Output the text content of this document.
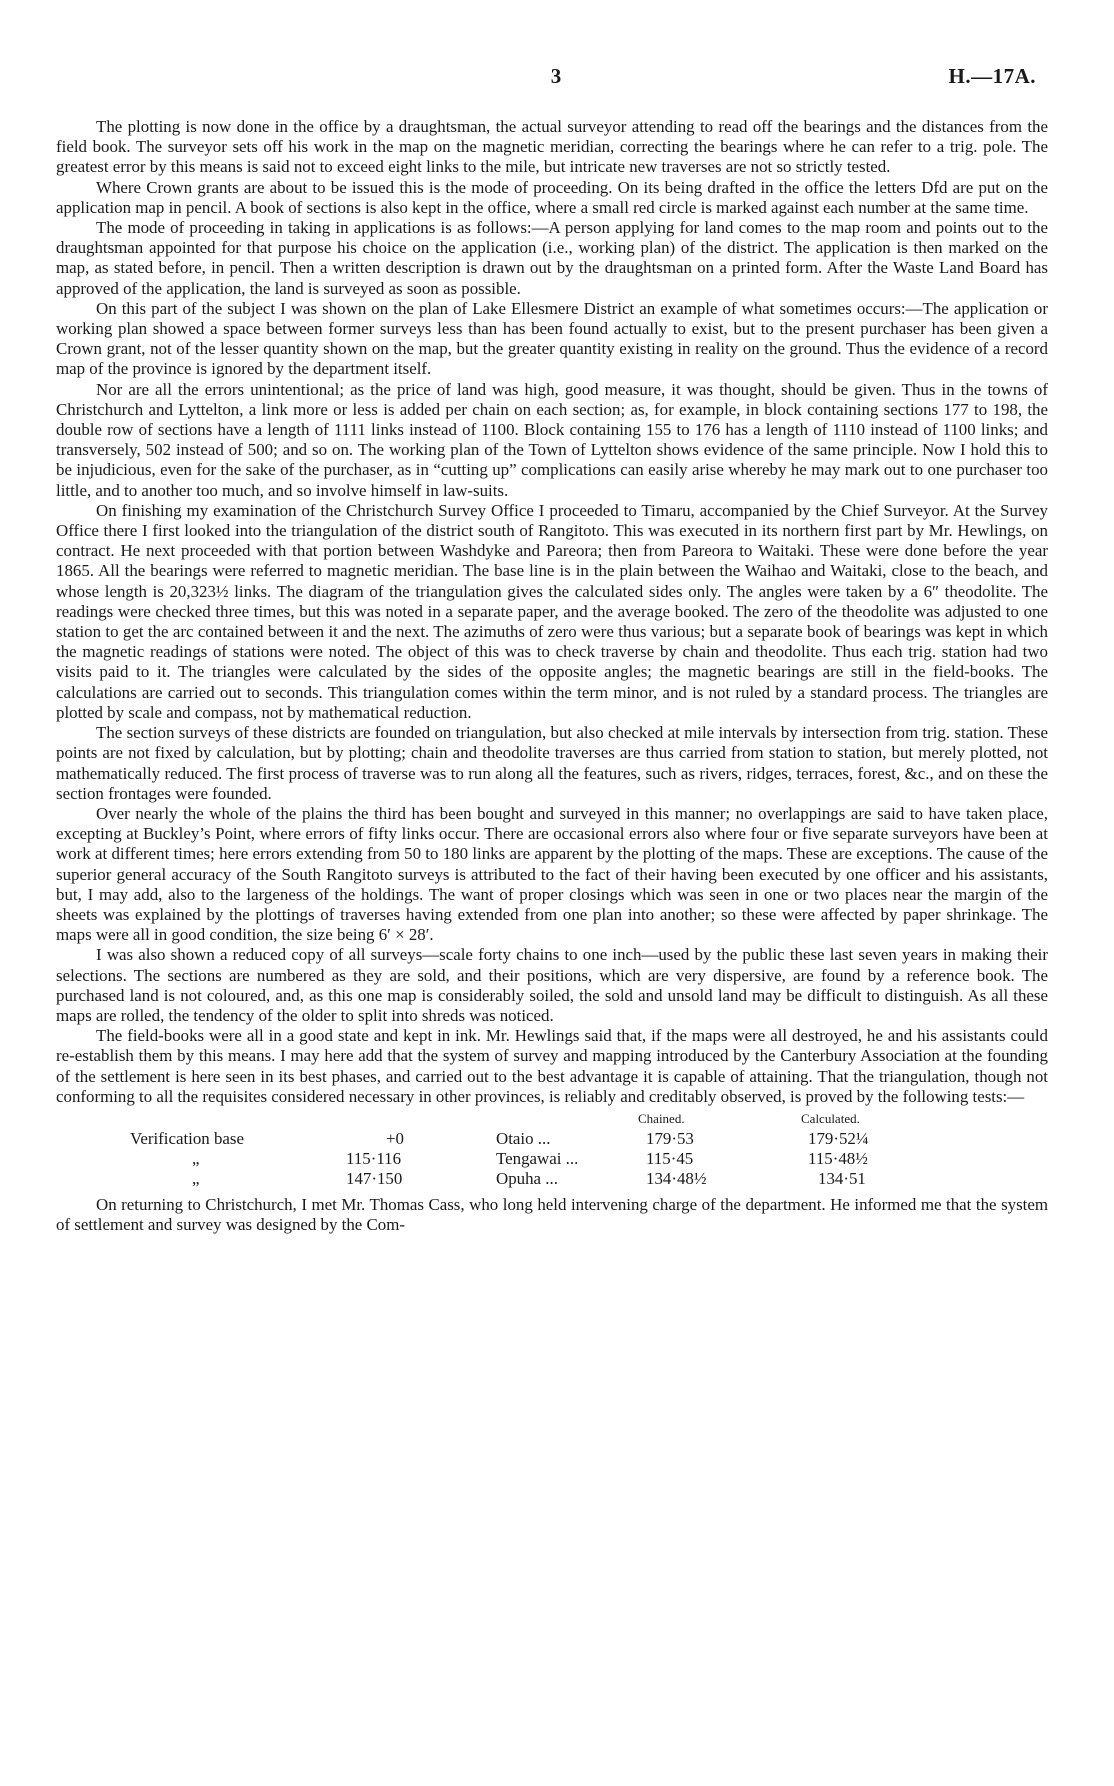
3	H.—17A.

The plotting is now done in the office by a draughtsman, the actual surveyor attending to read off the bearings and the distances from the field book. The surveyor sets off his work in the map on the magnetic meridian, correcting the bearings where he can refer to a trig. pole. The greatest error by this means is said not to exceed eight links to the mile, but intricate new traverses are not so strictly tested.

Where Crown grants are about to be issued this is the mode of proceeding. On its being drafted in the office the letters Dfd are put on the application map in pencil. A book of sections is also kept in the office, where a small red circle is marked against each number at the same time.

The mode of proceeding in taking in applications is as follows:—A person applying for land comes to the map room and points out to the draughtsman appointed for that purpose his choice on the application (i.e., working plan) of the district. The application is then marked on the map, as stated before, in pencil. Then a written description is drawn out by the draughtsman on a printed form. After the Waste Land Board has approved of the application, the land is surveyed as soon as possible.

On this part of the subject I was shown on the plan of Lake Ellesmere District an example of what sometimes occurs:—The application or working plan showed a space between former surveys less than has been found actually to exist, but to the present purchaser has been given a Crown grant, not of the lesser quantity shown on the map, but the greater quantity existing in reality on the ground. Thus the evidence of a record map of the province is ignored by the department itself.

Nor are all the errors unintentional; as the price of land was high, good measure, it was thought, should be given. Thus in the towns of Christchurch and Lyttelton, a link more or less is added per chain on each section; as, for example, in block containing sections 177 to 198, the double row of sections have a length of 1111 links instead of 1100. Block containing 155 to 176 has a length of 1110 instead of 1100 links; and transversely, 502 instead of 500; and so on. The working plan of the Town of Lyttelton shows evidence of the same principle. Now I hold this to be injudicious, even for the sake of the purchaser, as in “cutting up” complications can easily arise whereby he may mark out to one purchaser too little, and to another too much, and so involve himself in law-suits.

On finishing my examination of the Christchurch Survey Office I proceeded to Timaru, accompanied by the Chief Surveyor. At the Survey Office there I first looked into the triangulation of the district south of Rangitoto. This was executed in its northern first part by Mr. Hewlings, on contract. He next proceeded with that portion between Washdyke and Pareora; then from Pareora to Waitaki. These were done before the year 1865. All the bearings were referred to magnetic meridian. The base line is in the plain between the Waihao and Waitaki, close to the beach, and whose length is 20,323½ links. The diagram of the triangulation gives the calculated sides only. The angles were taken by a 6″ theodolite. The readings were checked three times, but this was noted in a separate paper, and the average booked. The zero of the theodolite was adjusted to one station to get the arc contained between it and the next. The azimuths of zero were thus various; but a separate book of bearings was kept in which the magnetic readings of stations were noted. The object of this was to check traverse by chain and theodolite. Thus each trig. station had two visits paid to it. The triangles were calculated by the sides of the opposite angles; the magnetic bearings are still in the field-books. The calculations are carried out to seconds. This triangulation comes within the term minor, and is not ruled by a standard process. The triangles are plotted by scale and compass, not by mathematical reduction.

The section surveys of these districts are founded on triangulation, but also checked at mile intervals by intersection from trig. station. These points are not fixed by calculation, but by plotting; chain and theodolite traverses are thus carried from station to station, but merely plotted, not mathematically reduced. The first process of traverse was to run along all the features, such as rivers, ridges, terraces, forest, &c., and on these the section frontages were founded.

Over nearly the whole of the plains the third has been bought and surveyed in this manner; no overlappings are said to have taken place, excepting at Buckley’s Point, where errors of fifty links occur. There are occasional errors also where four or five separate surveyors have been at work at different times; here errors extending from 50 to 180 links are apparent by the plotting of the maps. These are exceptions. The cause of the superior general accuracy of the South Rangitoto surveys is attributed to the fact of their having been executed by one officer and his assistants, but, I may add, also to the largeness of the holdings. The want of proper closings which was seen in one or two places near the margin of the sheets was explained by the plottings of traverses having extended from one plan into another; so these were affected by paper shrinkage. The maps were all in good condition, the size being 6′ × 28′.

I was also shown a reduced copy of all surveys—scale forty chains to one inch—used by the public these last seven years in making their selections. The sections are numbered as they are sold, and their positions, which are very dispersive, are found by a reference book. The purchased land is not coloured, and, as this one map is considerably soiled, the sold and unsold land may be difficult to distinguish. As all these maps are rolled, the tendency of the older to split into shreds was noticed.

The field-books were all in a good state and kept in ink. Mr. Hewlings said that, if the maps were all destroyed, he and his assistants could re-establish them by this means. I may here add that the system of survey and mapping introduced by the Canterbury Association at the founding of the settlement is here seen in its best phases, and carried out to the best advantage it is capable of attaining. That the triangulation, though not conforming to all the requisites considered necessary in other provinces, is reliably and creditably observed, is proved by the following tests:—

Chained.	Calculated.
Verification base	+0	Otaio ...	179·53	179·52¼
„	115·116	Tengawai ...	115·45	115·48½
„	147·150	Opuha ...	134·48½	134·51

On returning to Christchurch, I met Mr. Thomas Cass, who long held intervening charge of the department. He informed me that the system of settlement and survey was designed by the Com-
